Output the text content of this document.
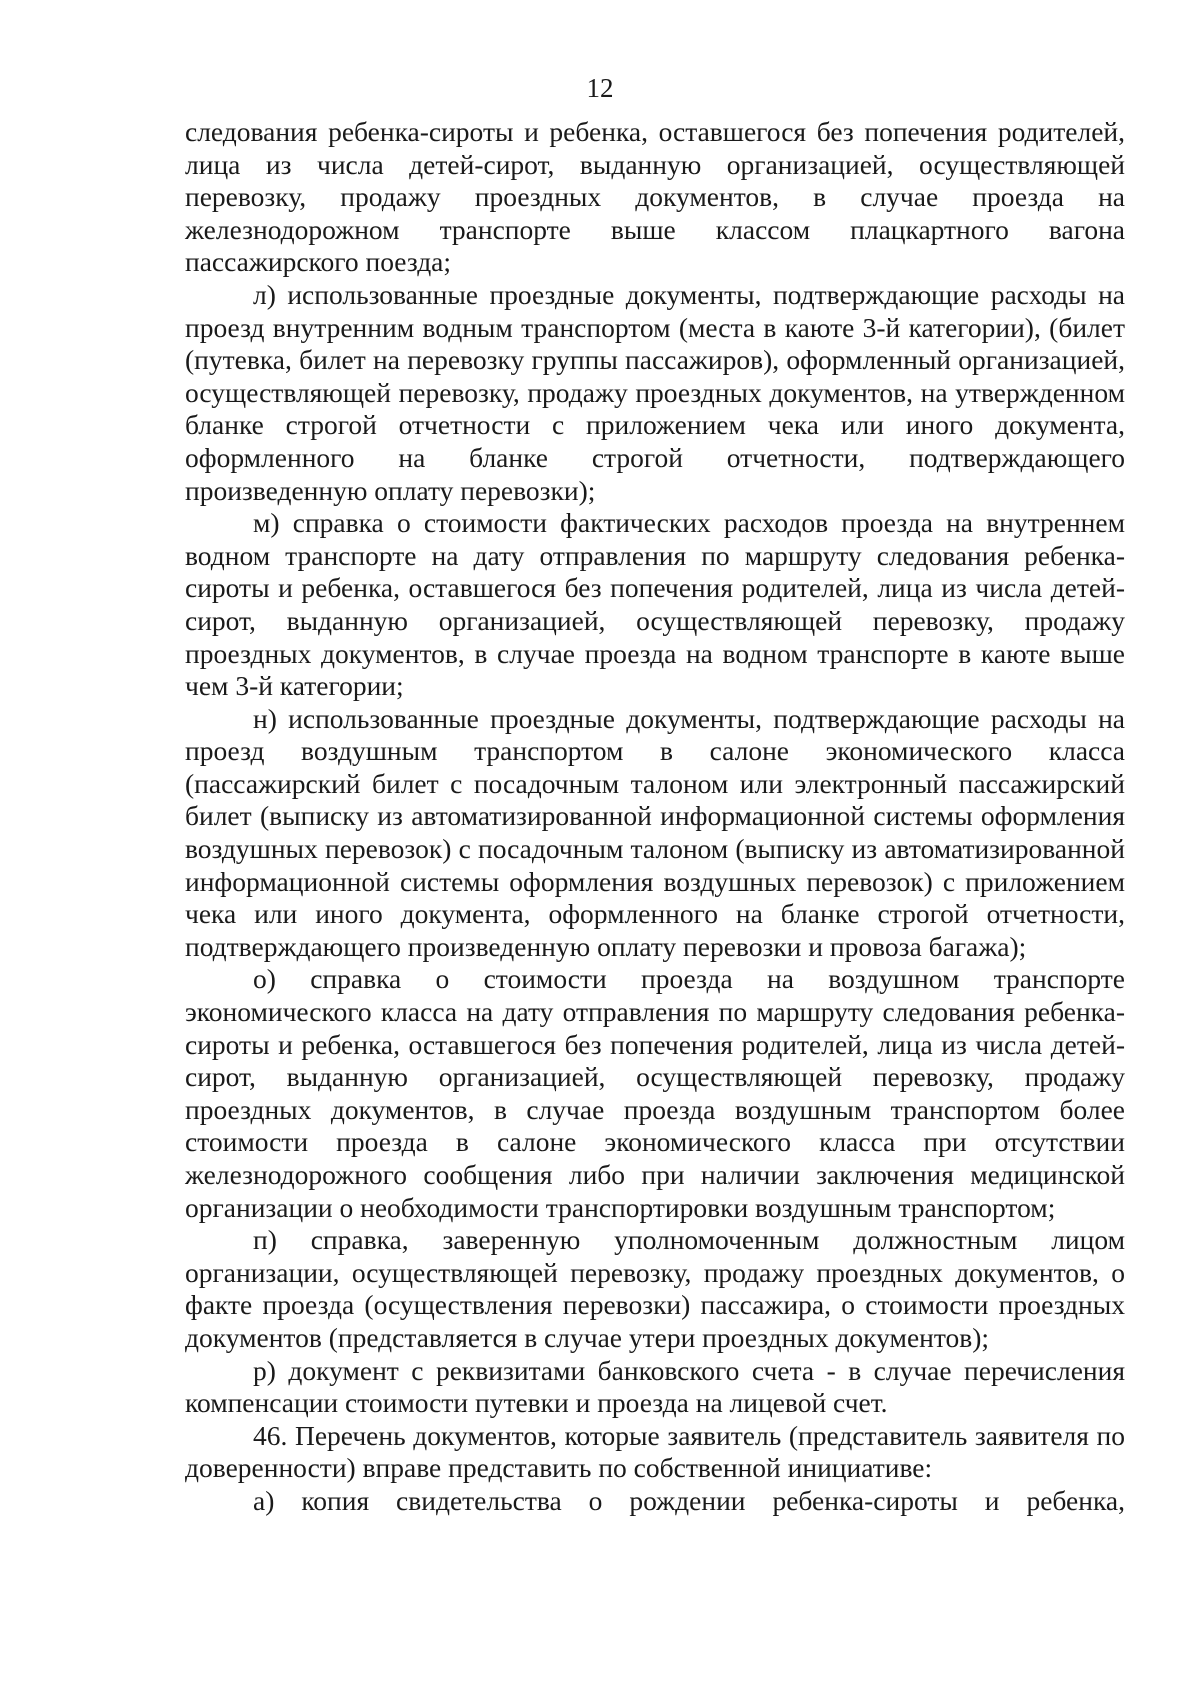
12

следования ребенка-сироты и ребенка, оставшегося без попечения родителей, лица из числа детей-сирот, выданную организацией, осуществляющей перевозку, продажу проездных документов, в случае проезда на железнодорожном транспорте выше классом плацкартного вагона пассажирского поезда;

л) использованные проездные документы, подтверждающие расходы на проезд внутренним водным транспортом (места в каюте 3-й категории), (билет (путевка, билет на перевозку группы пассажиров), оформленный организацией, осуществляющей перевозку, продажу проездных документов, на утвержденном бланке строгой отчетности с приложением чека или иного документа, оформленного на бланке строгой отчетности, подтверждающего произведенную оплату перевозки);

м) справка о стоимости фактических расходов проезда на внутреннем водном транспорте на дату отправления по маршруту следования ребенка-сироты и ребенка, оставшегося без попечения родителей, лица из числа детей-сирот, выданную организацией, осуществляющей перевозку, продажу проездных документов, в случае проезда на водном транспорте в каюте выше чем 3-й категории;

н) использованные проездные документы, подтверждающие расходы на проезд воздушным транспортом в салоне экономического класса (пассажирский билет с посадочным талоном или электронный пассажирский билет (выписку из автоматизированной информационной системы оформления воздушных перевозок) с посадочным талоном (выписку из автоматизированной информационной системы оформления воздушных перевозок) с приложением чека или иного документа, оформленного на бланке строгой отчетности, подтверждающего произведенную оплату перевозки и провоза багажа);

о) справка о стоимости проезда на воздушном транспорте экономического класса на дату отправления по маршруту следования ребенка-сироты и ребенка, оставшегося без попечения родителей, лица из числа детей-сирот, выданную организацией, осуществляющей перевозку, продажу проездных документов, в случае проезда воздушным транспортом более стоимости проезда в салоне экономического класса при отсутствии железнодорожного сообщения либо при наличии заключения медицинской организации о необходимости транспортировки воздушным транспортом;

п) справка, заверенную уполномоченным должностным лицом организации, осуществляющей перевозку, продажу проездных документов, о факте проезда (осуществления перевозки) пассажира, о стоимости проездных документов (представляется в случае утери проездных документов);

р) документ с реквизитами банковского счета - в случае перечисления компенсации стоимости путевки и проезда на лицевой счет.

46. Перечень документов, которые заявитель (представитель заявителя по доверенности) вправе представить по собственной инициативе:

а) копия свидетельства о рождении ребенка-сироты и ребенка,
